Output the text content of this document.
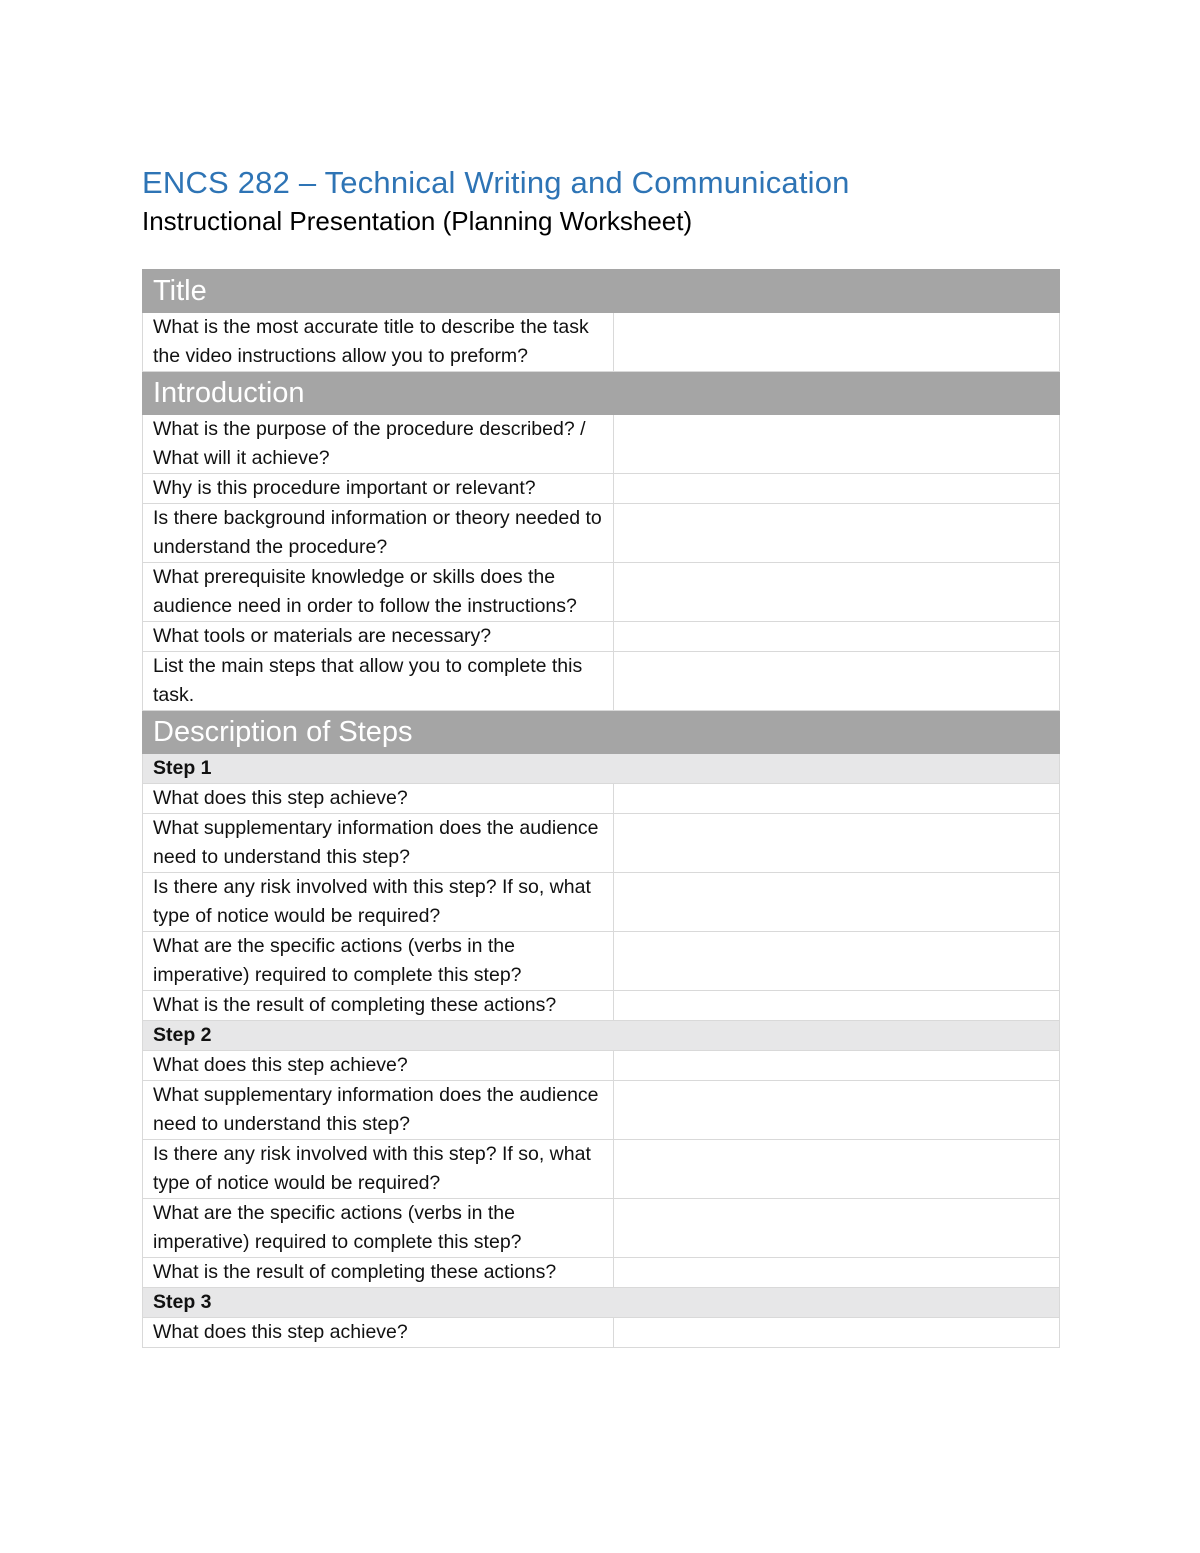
ENCS 282 – Technical Writing and Communication
Instructional Presentation (Planning Worksheet)
Title	
What is the most accurate title to describe the task the video instructions allow you to preform?	
Introduction	
What is the purpose of the procedure described? / What will it achieve?	
Why is this procedure important or relevant?	
Is there background information or theory needed to understand the procedure?	
What prerequisite knowledge or skills does the audience need in order to follow the instructions?	
What tools or materials are necessary?	
List the main steps that allow you to complete this task.	
Description of Steps	
Step 1	
What does this step achieve?	
What supplementary information does the audience need to understand this step?	
Is there any risk involved with this step? If so, what type of notice would be required?	
What are the specific actions (verbs in the imperative) required to complete this step?	
What is the result of completing these actions?	
Step 2	
What does this step achieve?	
What supplementary information does the audience need to understand this step?	
Is there any risk involved with this step? If so, what type of notice would be required?	
What are the specific actions (verbs in the imperative) required to complete this step?	
What is the result of completing these actions?	
Step 3	
What does this step achieve?	
